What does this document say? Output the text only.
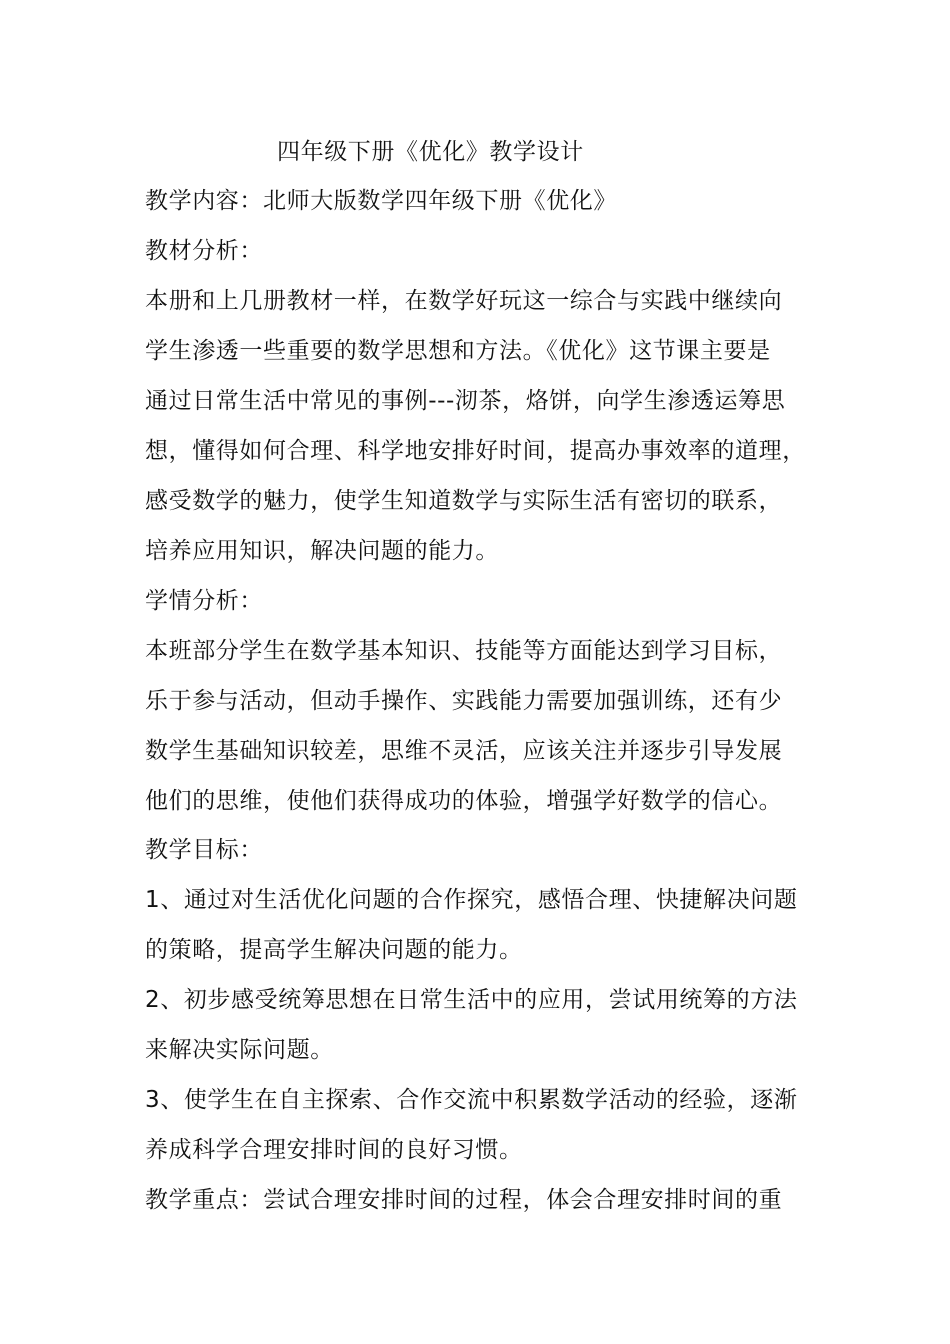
四年级下册《优化》教学设计
教学内容：北师大版数学四年级下册《优化》
教材分析：
本册和上几册教材一样，在数学好玩这一综合与实践中继续向
学生渗透一些重要的数学思想和方法。《优化》这节课主要是
通过日常生活中常见的事例---沏茶，烙饼，向学生渗透运筹思
想，懂得如何合理、科学地安排好时间，提高办事效率的道理，
感受数学的魅力，使学生知道数学与实际生活有密切的联系，
培养应用知识，解决问题的能力。
学情分析：
本班部分学生在数学基本知识、技能等方面能达到学习目标，
乐于参与活动，但动手操作、实践能力需要加强训练，还有少
数学生基础知识较差，思维不灵活，应该关注并逐步引导发展
他们的思维，使他们获得成功的体验，增强学好数学的信心。
教学目标：
1、通过对生活优化问题的合作探究，感悟合理、快捷解决问题
的策略，提高学生解决问题的能力。
2、初步感受统筹思想在日常生活中的应用，尝试用统筹的方法
来解决实际问题。
3、使学生在自主探索、合作交流中积累数学活动的经验，逐渐
养成科学合理安排时间的良好习惯。
教学重点：尝试合理安排时间的过程，体会合理安排时间的重
